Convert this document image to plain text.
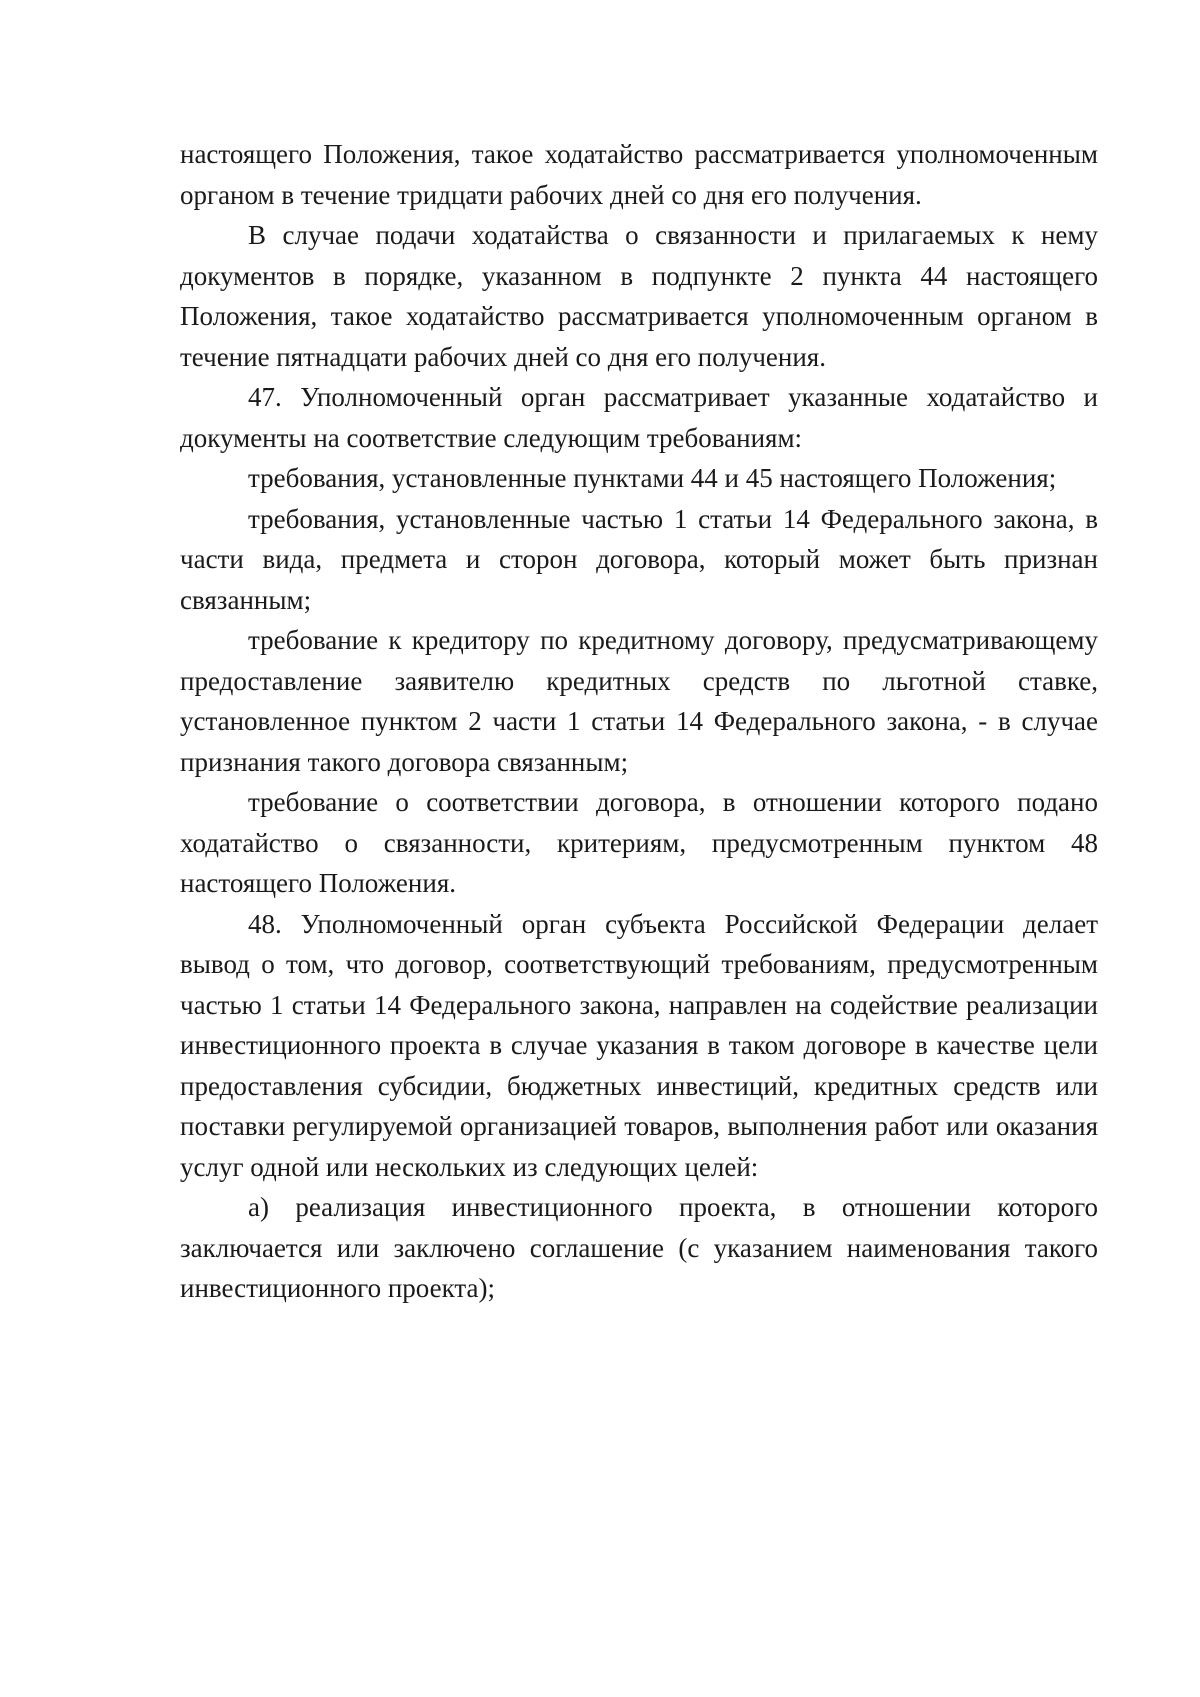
настоящего Положения, такое ходатайство рассматривается уполномоченным органом в течение тридцати рабочих дней со дня его получения.

В случае подачи ходатайства о связанности и прилагаемых к нему документов в порядке, указанном в подпункте 2 пункта 44 настоящего Положения, такое ходатайство рассматривается уполномоченным органом в течение пятнадцати рабочих дней со дня его получения.

47. Уполномоченный орган рассматривает указанные ходатайство и документы на соответствие следующим требованиям:

требования, установленные пунктами 44 и 45 настоящего Положения;

требования, установленные частью 1 статьи 14 Федерального закона, в части вида, предмета и сторон договора, который может быть признан связанным;

требование к кредитору по кредитному договору, предусматривающему предоставление заявителю кредитных средств по льготной ставке, установленное пунктом 2 части 1 статьи 14 Федерального закона, - в случае признания такого договора связанным;

требование о соответствии договора, в отношении которого подано ходатайство о связанности, критериям, предусмотренным пунктом 48 настоящего Положения.

48. Уполномоченный орган субъекта Российской Федерации делает вывод о том, что договор, соответствующий требованиям, предусмотренным частью 1 статьи 14 Федерального закона, направлен на содействие реализации инвестиционного проекта в случае указания в таком договоре в качестве цели предоставления субсидии, бюджетных инвестиций, кредитных средств или поставки регулируемой организацией товаров, выполнения работ или оказания услуг одной или нескольких из следующих целей:

а) реализация инвестиционного проекта, в отношении которого заключается или заключено соглашение (с указанием наименования такого инвестиционного проекта);
